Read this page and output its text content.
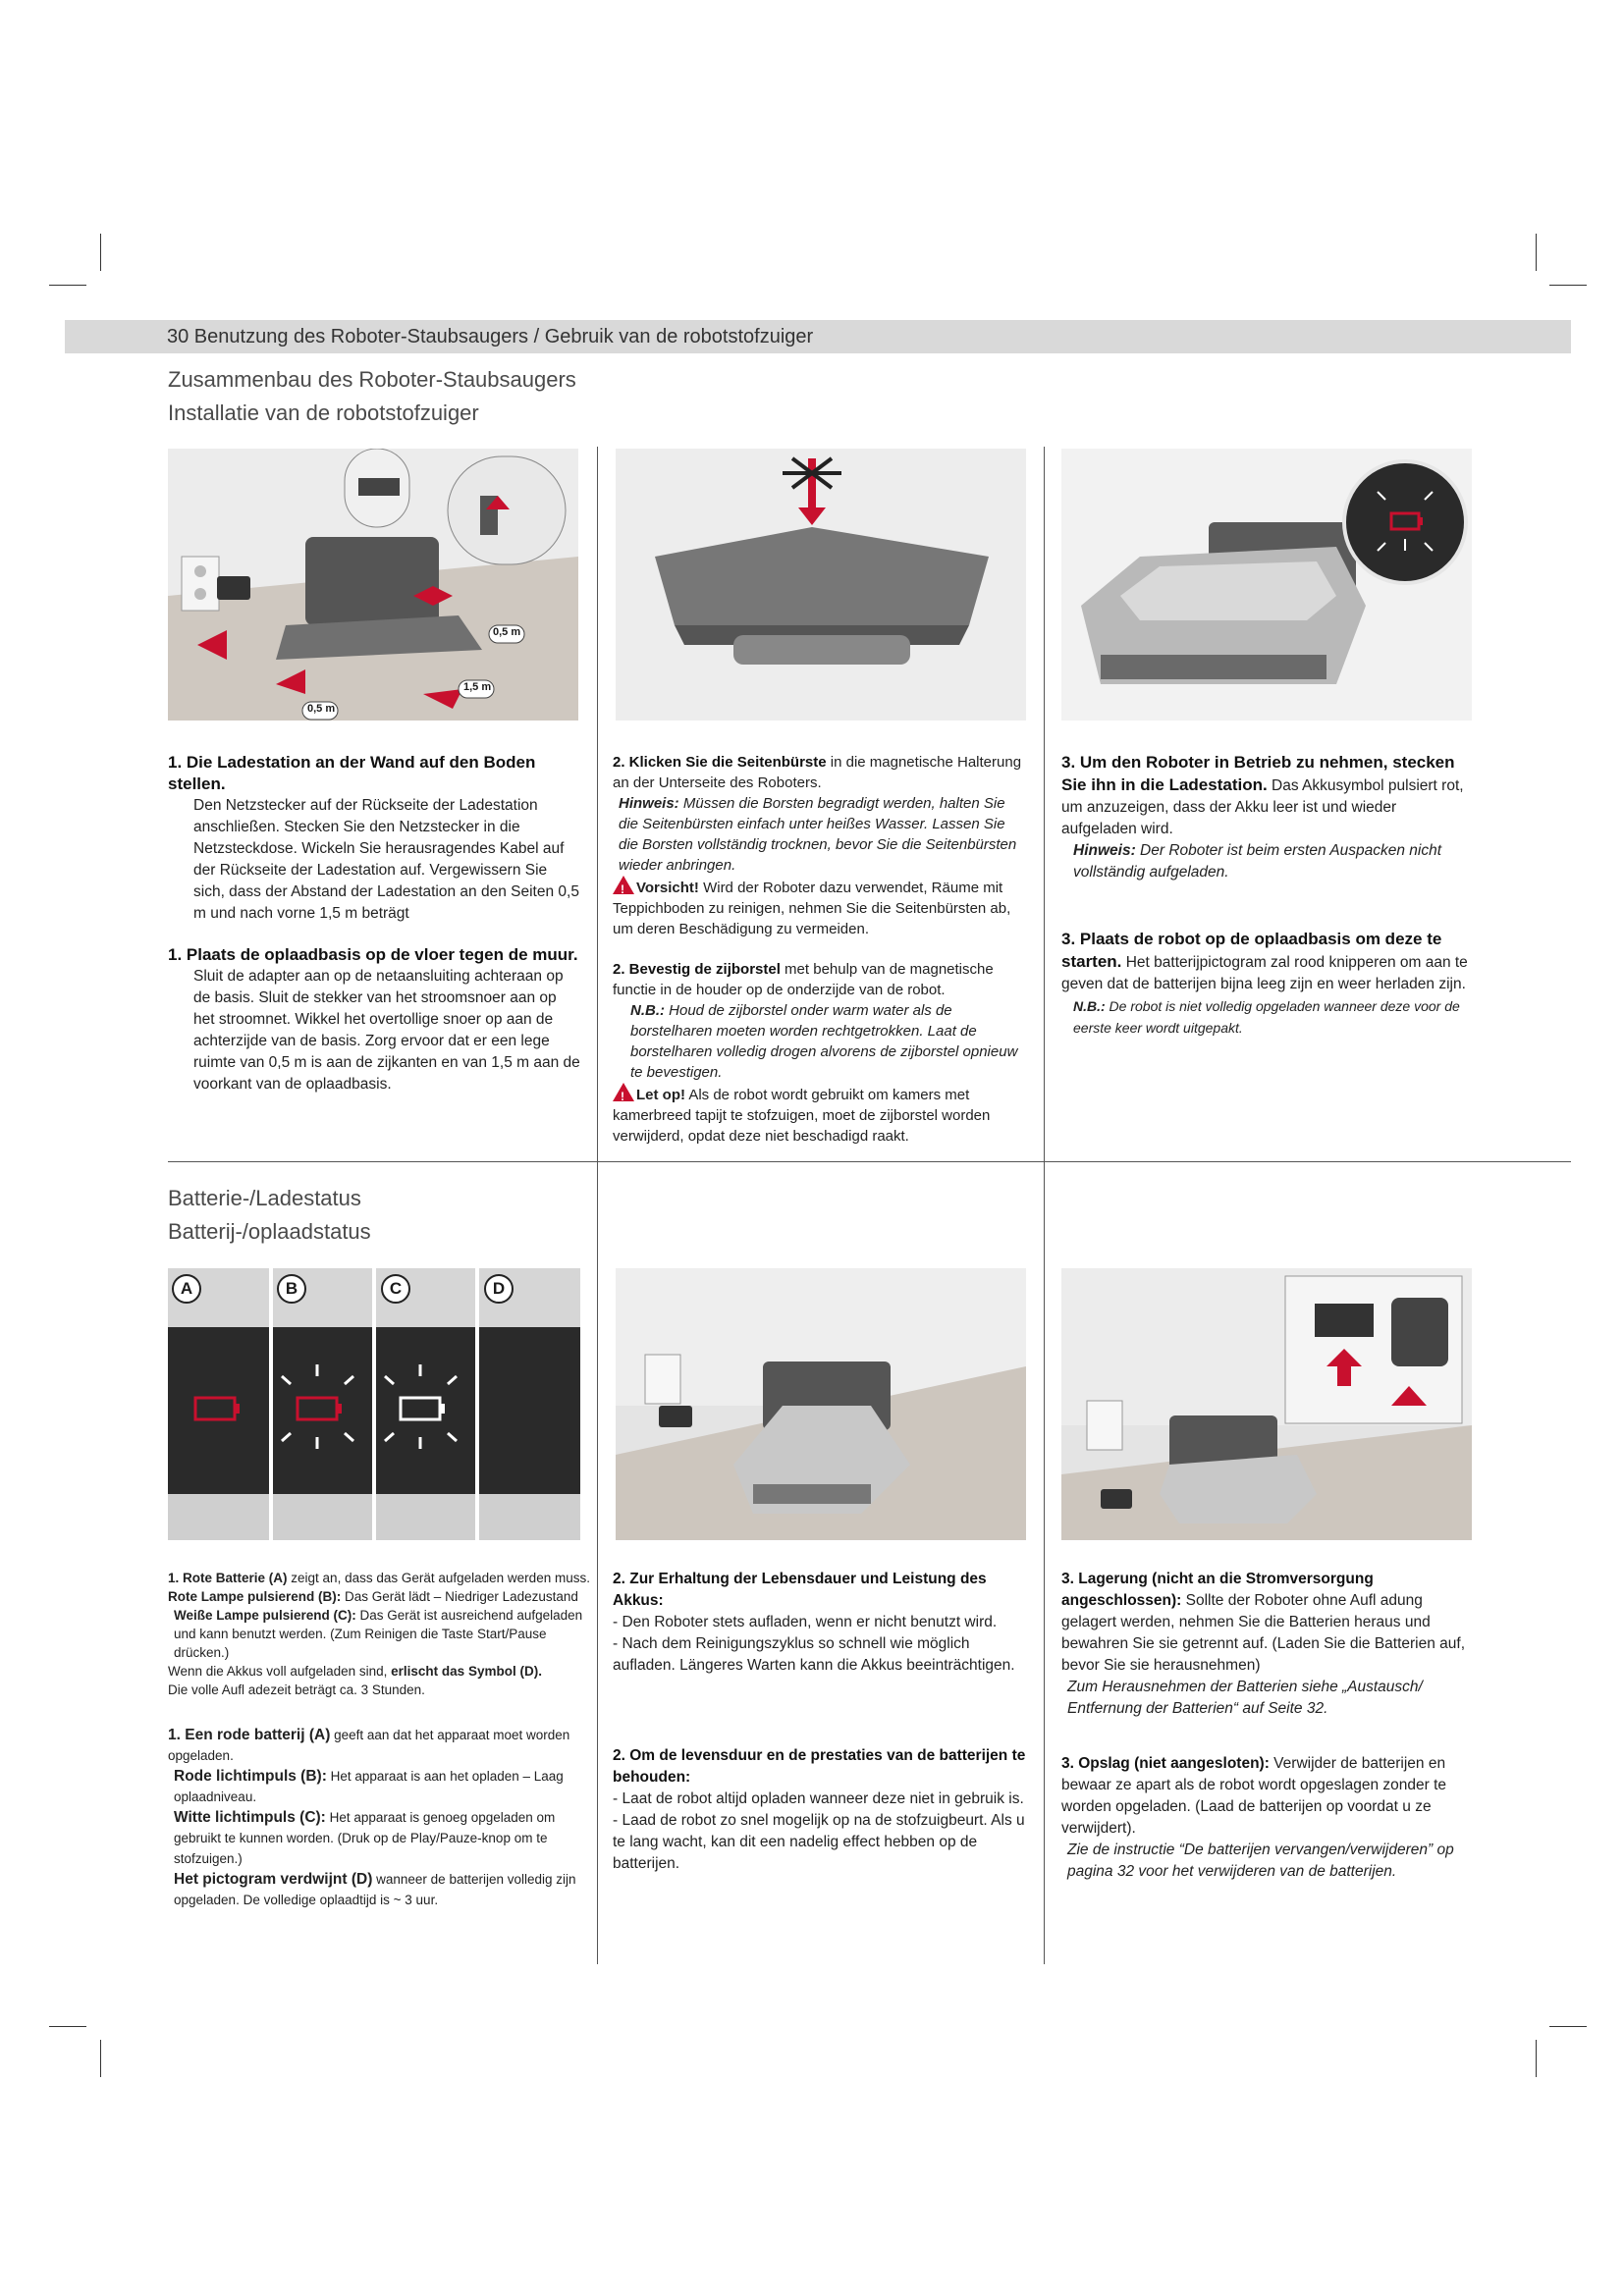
30 Benutzung des Roboter-Staubsaugers / Gebruik van de robotstofzuiger
Zusammenbau des Roboter-Staubsaugers
Installatie van de robotstofzuiger
0,5 m
1,5 m
0,5 m

1. Die Ladestation an der Wand auf den Boden stellen.

Den Netzstecker auf der Rückseite der Ladestation anschließen. Stecken Sie den Netzstecker in die Netzsteckdose. Wickeln Sie herausragendes Kabel auf der Rückseite der Ladestation auf. Vergewissern Sie sich, dass der Abstand der Ladestation an den Seiten 0,5 m und nach vorne 1,5 m beträgt

1. Plaats de oplaadbasis op de vloer tegen de muur.

Sluit de adapter aan op de netaansluiting achteraan op de basis. Sluit de stekker van het stroomsnoer aan op het stroomnet. Wikkel het overtollige snoer op aan de achterzijde van de basis. Zorg ervoor dat er een lege ruimte van 0,5 m is aan de zijkanten en van 1,5 m aan de voorkant van de oplaadbasis.

2. Klicken Sie die Seitenbürste in die magnetische Halterung an der Unterseite des Roboters.

Hinweis: Müssen die Borsten begradigt werden, halten Sie die Seitenbürsten einfach unter heißes Wasser. Lassen Sie die Borsten vollständig trocknen, bevor Sie die Seitenbürsten wieder anbringen.

!Vorsicht! Wird der Roboter dazu verwendet, Räume mit Teppichboden zu reinigen, nehmen Sie die Seitenbürsten ab, um deren Beschädigung zu vermeiden.

2. Bevestig de zijborstel met behulp van de magnetische functie in de houder op de onderzijde van de robot.

N.B.: Houd de zijborstel onder warm water als de borstelharen moeten worden rechtgetrokken. Laat de borstelharen volledig drogen alvorens de zijborstel opnieuw te bevestigen.

!Let op! Als de robot wordt gebruikt om kamers met kamerbreed tapijt te stofzuigen, moet de zijborstel worden verwijderd, opdat deze niet beschadigd raakt.

3. Um den Roboter in Betrieb zu nehmen, stecken Sie ihn in die Ladestation. Das Akkusymbol pulsiert rot, um anzuzeigen, dass der Akku leer ist und wieder aufgeladen wird.

Hinweis: Der Roboter ist beim ersten Auspacken nicht vollständig aufgeladen.

3. Plaats de robot op de oplaadbasis om deze te starten. Het batterijpictogram zal rood knipperen om aan te geven dat de batterijen bijna leeg zijn en weer herladen zijn.

N.B.: De robot is niet volledig opgeladen wanneer deze voor de eerste keer wordt uitgepakt.

Batterie-/Ladestatus
Batterij-/oplaadstatus
A	B	C	D

1. Rote Batterie (A) zeigt an, dass das Gerät aufgeladen werden muss.

Rote Lampe pulsierend (B): Das Gerät lädt – Niedriger Ladezustand

Weiße Lampe pulsierend (C): Das Gerät ist ausreichend aufgeladen und kann benutzt werden. (Zum Reinigen die Taste Start/Pause drücken.)

Wenn die Akkus voll aufgeladen sind, erlischt das Symbol (D).

Die volle Aufl adezeit beträgt ca. 3 Stunden.

1. Een rode batterij (A) geeft aan dat het apparaat moet worden opgeladen.

Rode lichtimpuls (B): Het apparaat is aan het opladen – Laag oplaadniveau.

Witte lichtimpuls (C): Het apparaat is genoeg opgeladen om gebruikt te kunnen worden. (Druk op de Play/Pauze-knop om te stofzuigen.)

Het pictogram verdwijnt (D) wanneer de batterijen volledig zijn opgeladen. De volledige oplaadtijd is ~ 3 uur.

2. Zur Erhaltung der Lebensdauer und Leistung des Akkus:

- Den Roboter stets aufladen, wenn er nicht benutzt wird.

- Nach dem Reinigungszyklus so schnell wie möglich aufladen. Längeres Warten kann die Akkus beeinträchtigen.

2. Om de levensduur en de prestaties van de batterijen te behouden:

- Laat de robot altijd opladen wanneer deze niet in gebruik is.

- Laad de robot zo snel mogelijk op na de stofzuigbeurt. Als u te lang wacht, kan dit een nadelig effect hebben op de batterijen.

3. Lagerung (nicht an die Stromversorgung angeschlossen): Sollte der Roboter ohne Aufl adung gelagert werden, nehmen Sie die Batterien heraus und bewahren Sie sie getrennt auf. (Laden Sie die Batterien auf, bevor Sie sie herausnehmen)

Zum Herausnehmen der Batterien siehe „Austausch/ Entfernung der Batterien“ auf Seite 32.

3. Opslag (niet aangesloten): Verwijder de batterijen en bewaar ze apart als de robot wordt opgeslagen zonder te worden opgeladen. (Laad de batterijen op voordat u ze verwijdert).

Zie de instructie “De batterijen vervangen/verwijderen” op pagina 32 voor het verwijderen van de batterijen.
